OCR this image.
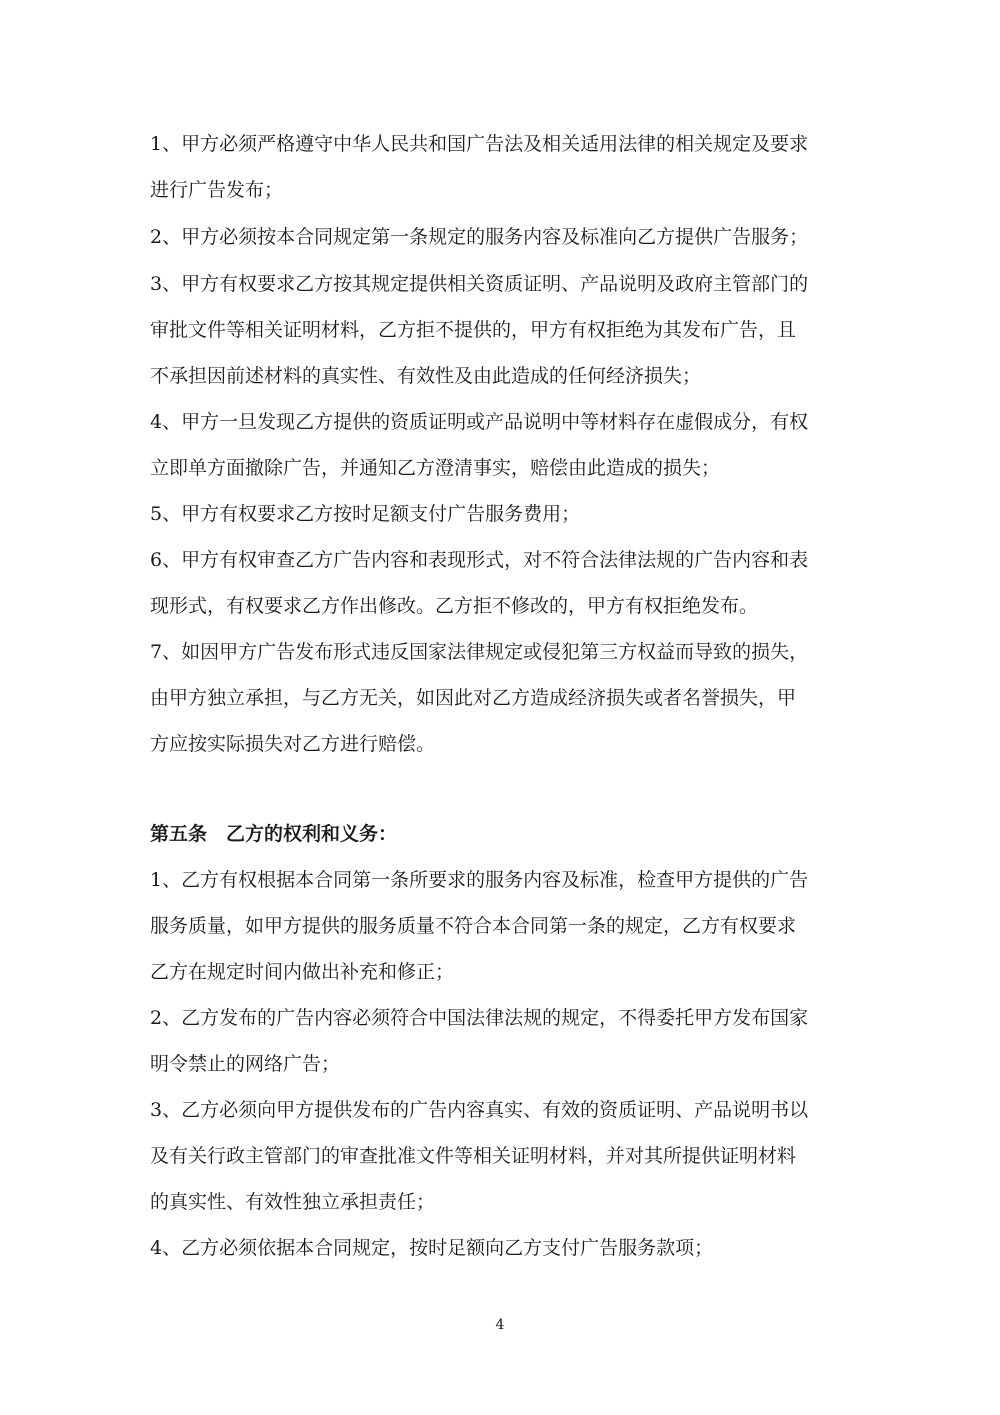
1、甲方必须严格遵守中华人民共和国广告法及相关适用法律的相关规定及要求
进行广告发布；
2、甲方必须按本合同规定第一条规定的服务内容及标准向乙方提供广告服务；
3、甲方有权要求乙方按其规定提供相关资质证明、产品说明及政府主管部门的
审批文件等相关证明材料，乙方拒不提供的，甲方有权拒绝为其发布广告，且
不承担因前述材料的真实性、有效性及由此造成的任何经济损失；
4、甲方一旦发现乙方提供的资质证明或产品说明中等材料存在虚假成分，有权
立即单方面撤除广告，并通知乙方澄清事实，赔偿由此造成的损失；
5、甲方有权要求乙方按时足额支付广告服务费用；
6、甲方有权审查乙方广告内容和表现形式，对不符合法律法规的广告内容和表
现形式，有权要求乙方作出修改。乙方拒不修改的，甲方有权拒绝发布。
7、如因甲方广告发布形式违反国家法律规定或侵犯第三方权益而导致的损失，
由甲方独立承担，与乙方无关，如因此对乙方造成经济损失或者名誉损失，甲
方应按实际损失对乙方进行赔偿。
第五条　乙方的权利和义务：
1、乙方有权根据本合同第一条所要求的服务内容及标准，检查甲方提供的广告
服务质量，如甲方提供的服务质量不符合本合同第一条的规定，乙方有权要求
乙方在规定时间内做出补充和修正；
2、乙方发布的广告内容必须符合中国法律法规的规定，不得委托甲方发布国家
明令禁止的网络广告；
3、乙方必须向甲方提供发布的广告内容真实、有效的资质证明、产品说明书以
及有关行政主管部门的审查批准文件等相关证明材料，并对其所提供证明材料
的真实性、有效性独立承担责任；
4、乙方必须依据本合同规定，按时足额向乙方支付广告服务款项；
4
